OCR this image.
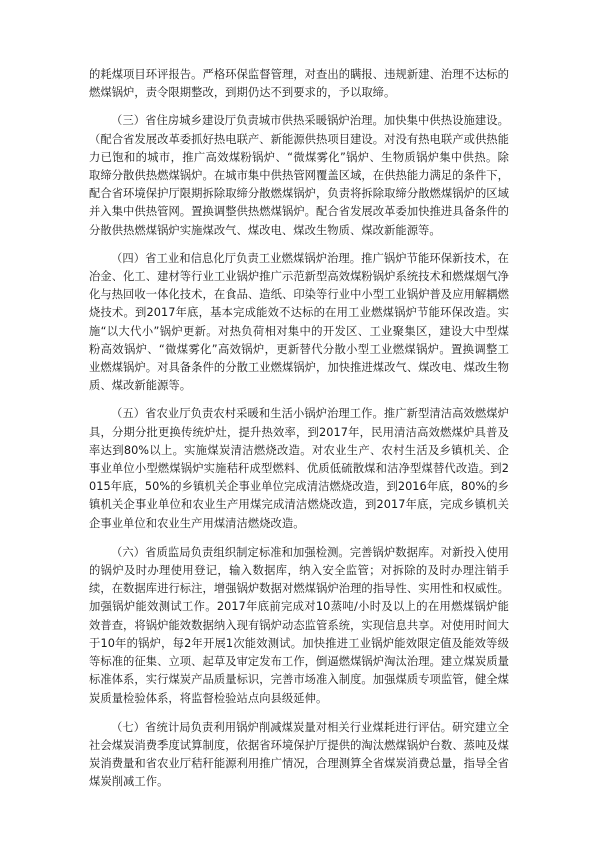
的耗煤项目环评报告。严格环保监督管理，对查出的瞒报、违规新建、治理不达标的燃煤锅炉，责令限期整改，到期仍达不到要求的，予以取缔。

（三）省住房城乡建设厅负责城市供热采暖锅炉治理。加快集中供热设施建设。（配合省发展改革委抓好热电联产、新能源供热项目建设。对没有热电联产或供热能力已饱和的城市，推广高效煤粉锅炉、“微煤雾化”锅炉、生物质锅炉集中供热。除取缔分散供热燃煤锅炉。在城市集中供热管网覆盖区域，在供热能力满足的条件下，配合省环境保护厅限期拆除取缔分散燃煤锅炉，负责将拆除取缔分散燃煤锅炉的区域并入集中供热管网。置换调整供热燃煤锅炉。配合省发展改革委加快推进具备条件的分散供热燃煤锅炉实施煤改气、煤改电、煤改生物质、煤改新能源等。

（四）省工业和信息化厅负责工业燃煤锅炉治理。推广锅炉节能环保新技术，在冶金、化工、建材等行业工业锅炉推广示范新型高效煤粉锅炉系统技术和燃煤烟气净化与热回收一体化技术，在食品、造纸、印染等行业中小型工业锅炉普及应用解耦燃烧技术。到2017年底，基本完成能效不达标的在用工业燃煤锅炉节能环保改造。实施“以大代小”锅炉更新。对热负荷相对集中的开发区、工业聚集区，建设大中型煤粉高效锅炉、“微煤雾化”高效锅炉，更新替代分散小型工业燃煤锅炉。置换调整工业燃煤锅炉。对具备条件的分散工业燃煤锅炉，加快推进煤改气、煤改电、煤改生物质、煤改新能源等。

（五）省农业厅负责农村采暖和生活小锅炉治理工作。推广新型清洁高效燃煤炉具，分期分批更换传统炉灶，提升热效率，到2017年，民用清洁高效燃煤炉具普及率达到80%以上。实施煤炭清洁燃烧改造。对农业生产、农村生活及乡镇机关、企事业单位小型燃煤锅炉实施秸秆成型燃料、优质低硫散煤和洁净型煤替代改造。到2015年底，50%的乡镇机关企事业单位完成清洁燃烧改造，到2016年底，80%的乡镇机关企事业单位和农业生产用煤完成清洁燃烧改造，到2017年底，完成乡镇机关企事业单位和农业生产用煤清洁燃烧改造。

（六）省质监局负责组织制定标准和加强检测。完善锅炉数据库。对新投入使用的锅炉及时办理使用登记，输入数据库，纳入安全监管；对拆除的及时办理注销手续，在数据库进行标注，增强锅炉数据对燃煤锅炉治理的指导性、实用性和权威性。加强锅炉能效测试工作。2017年底前完成对10蒸吨/小时及以上的在用燃煤锅炉能效普查，将锅炉能效数据纳入现有锅炉动态监管系统，实现信息共享。对使用时间大于10年的锅炉，每2年开展1次能效测试。加快推进工业锅炉能效限定值及能效等级等标准的征集、立项、起草及审定发布工作，倒逼燃煤锅炉淘汰治理。建立煤炭质量标准体系，实行煤炭产品质量标识，完善市场准入制度。加强煤质专项监管，健全煤炭质量检验体系，将监督检验站点向县级延伸。

（七）省统计局负责利用锅炉削减煤炭量对相关行业煤耗进行评估。研究建立全社会煤炭消费季度试算制度，依据省环境保护厅提供的淘汰燃煤锅炉台数、蒸吨及煤炭消费量和省农业厅秸秆能源利用推广情况，合理测算全省煤炭消费总量，指导全省煤炭削减工作。
